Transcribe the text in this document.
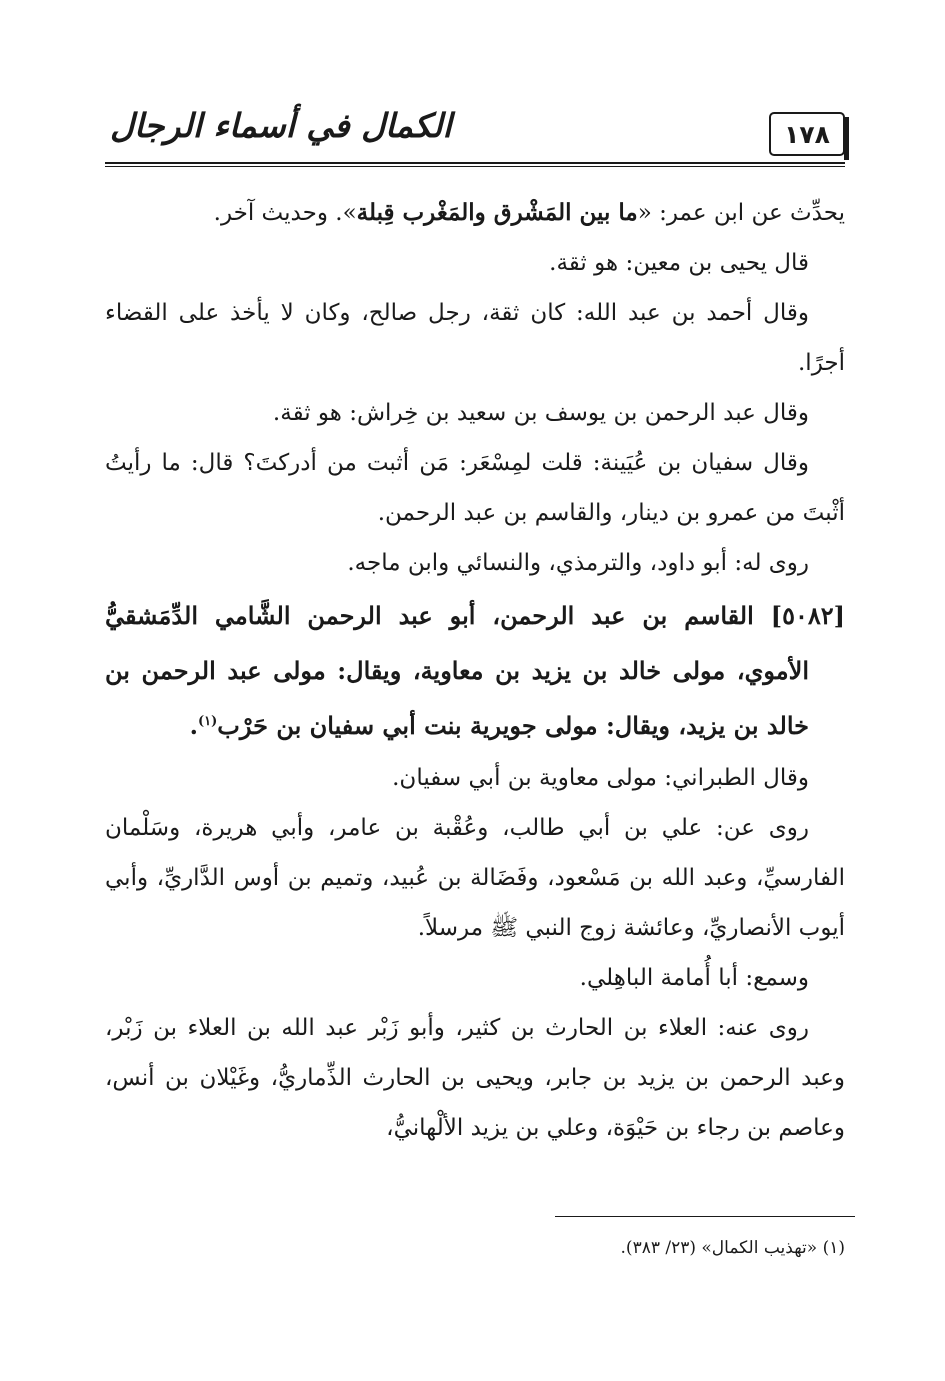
١٧٨
الكمال في أسماء الرجال

يحدِّث عن ابن عمر: «ما بين المَشْرق والمَغْرب قِبلة». وحديث آخر.

قال يحيى بن معين: هو ثقة.

وقال أحمد بن عبد الله: كان ثقة، رجل صالح، وكان لا يأخذ على القضاء أجرًا.

وقال عبد الرحمن بن يوسف بن سعيد بن خِراش: هو ثقة.

وقال سفيان بن عُيَينة: قلت لمِسْعَر: مَن أثبت من أدركتَ؟ قال: ما رأيتُ أثْبتَ من عمرو بن دينار، والقاسم بن عبد الرحمن.

روى له: أبو داود، والترمذي، والنسائي وابن ماجه.

[٥٠٨٢] القاسم بن عبد الرحمن، أبو عبد الرحمن الشَّامي الدِّمَشقيُّ الأموي، مولى خالد بن يزيد بن معاوية، ويقال: مولى عبد الرحمن بن خالد بن يزيد، ويقال: مولى جويرية بنت أبي سفيان بن حَرْب$^{(١)}$.

وقال الطبراني: مولى معاوية بن أبي سفيان.

روى عن: علي بن أبي طالب، وعُقْبة بن عامر، وأبي هريرة، وسَلْمان الفارسيِّ، وعبد الله بن مَسْعود، وفَضَالة بن عُبيد، وتميم بن أوس الدَّاريِّ، وأبي أيوب الأنصاريِّ، وعائشة زوج النبي ﷺ مرسلاً.

وسمع: أبا أُمامة الباهِلي.

روى عنه: العلاء بن الحارث بن كثير، وأبو زَبْر عبد الله بن العلاء بن زَبْر، وعبد الرحمن بن يزيد بن جابر، ويحيى بن الحارث الذِّماريُّ، وغَيْلان بن أنس، وعاصم بن رجاء بن حَيْوَة، وعلي بن يزيد الألْهانيُّ،

(١) «تهذيب الكمال» (٢٣/ ٣٨٣).
